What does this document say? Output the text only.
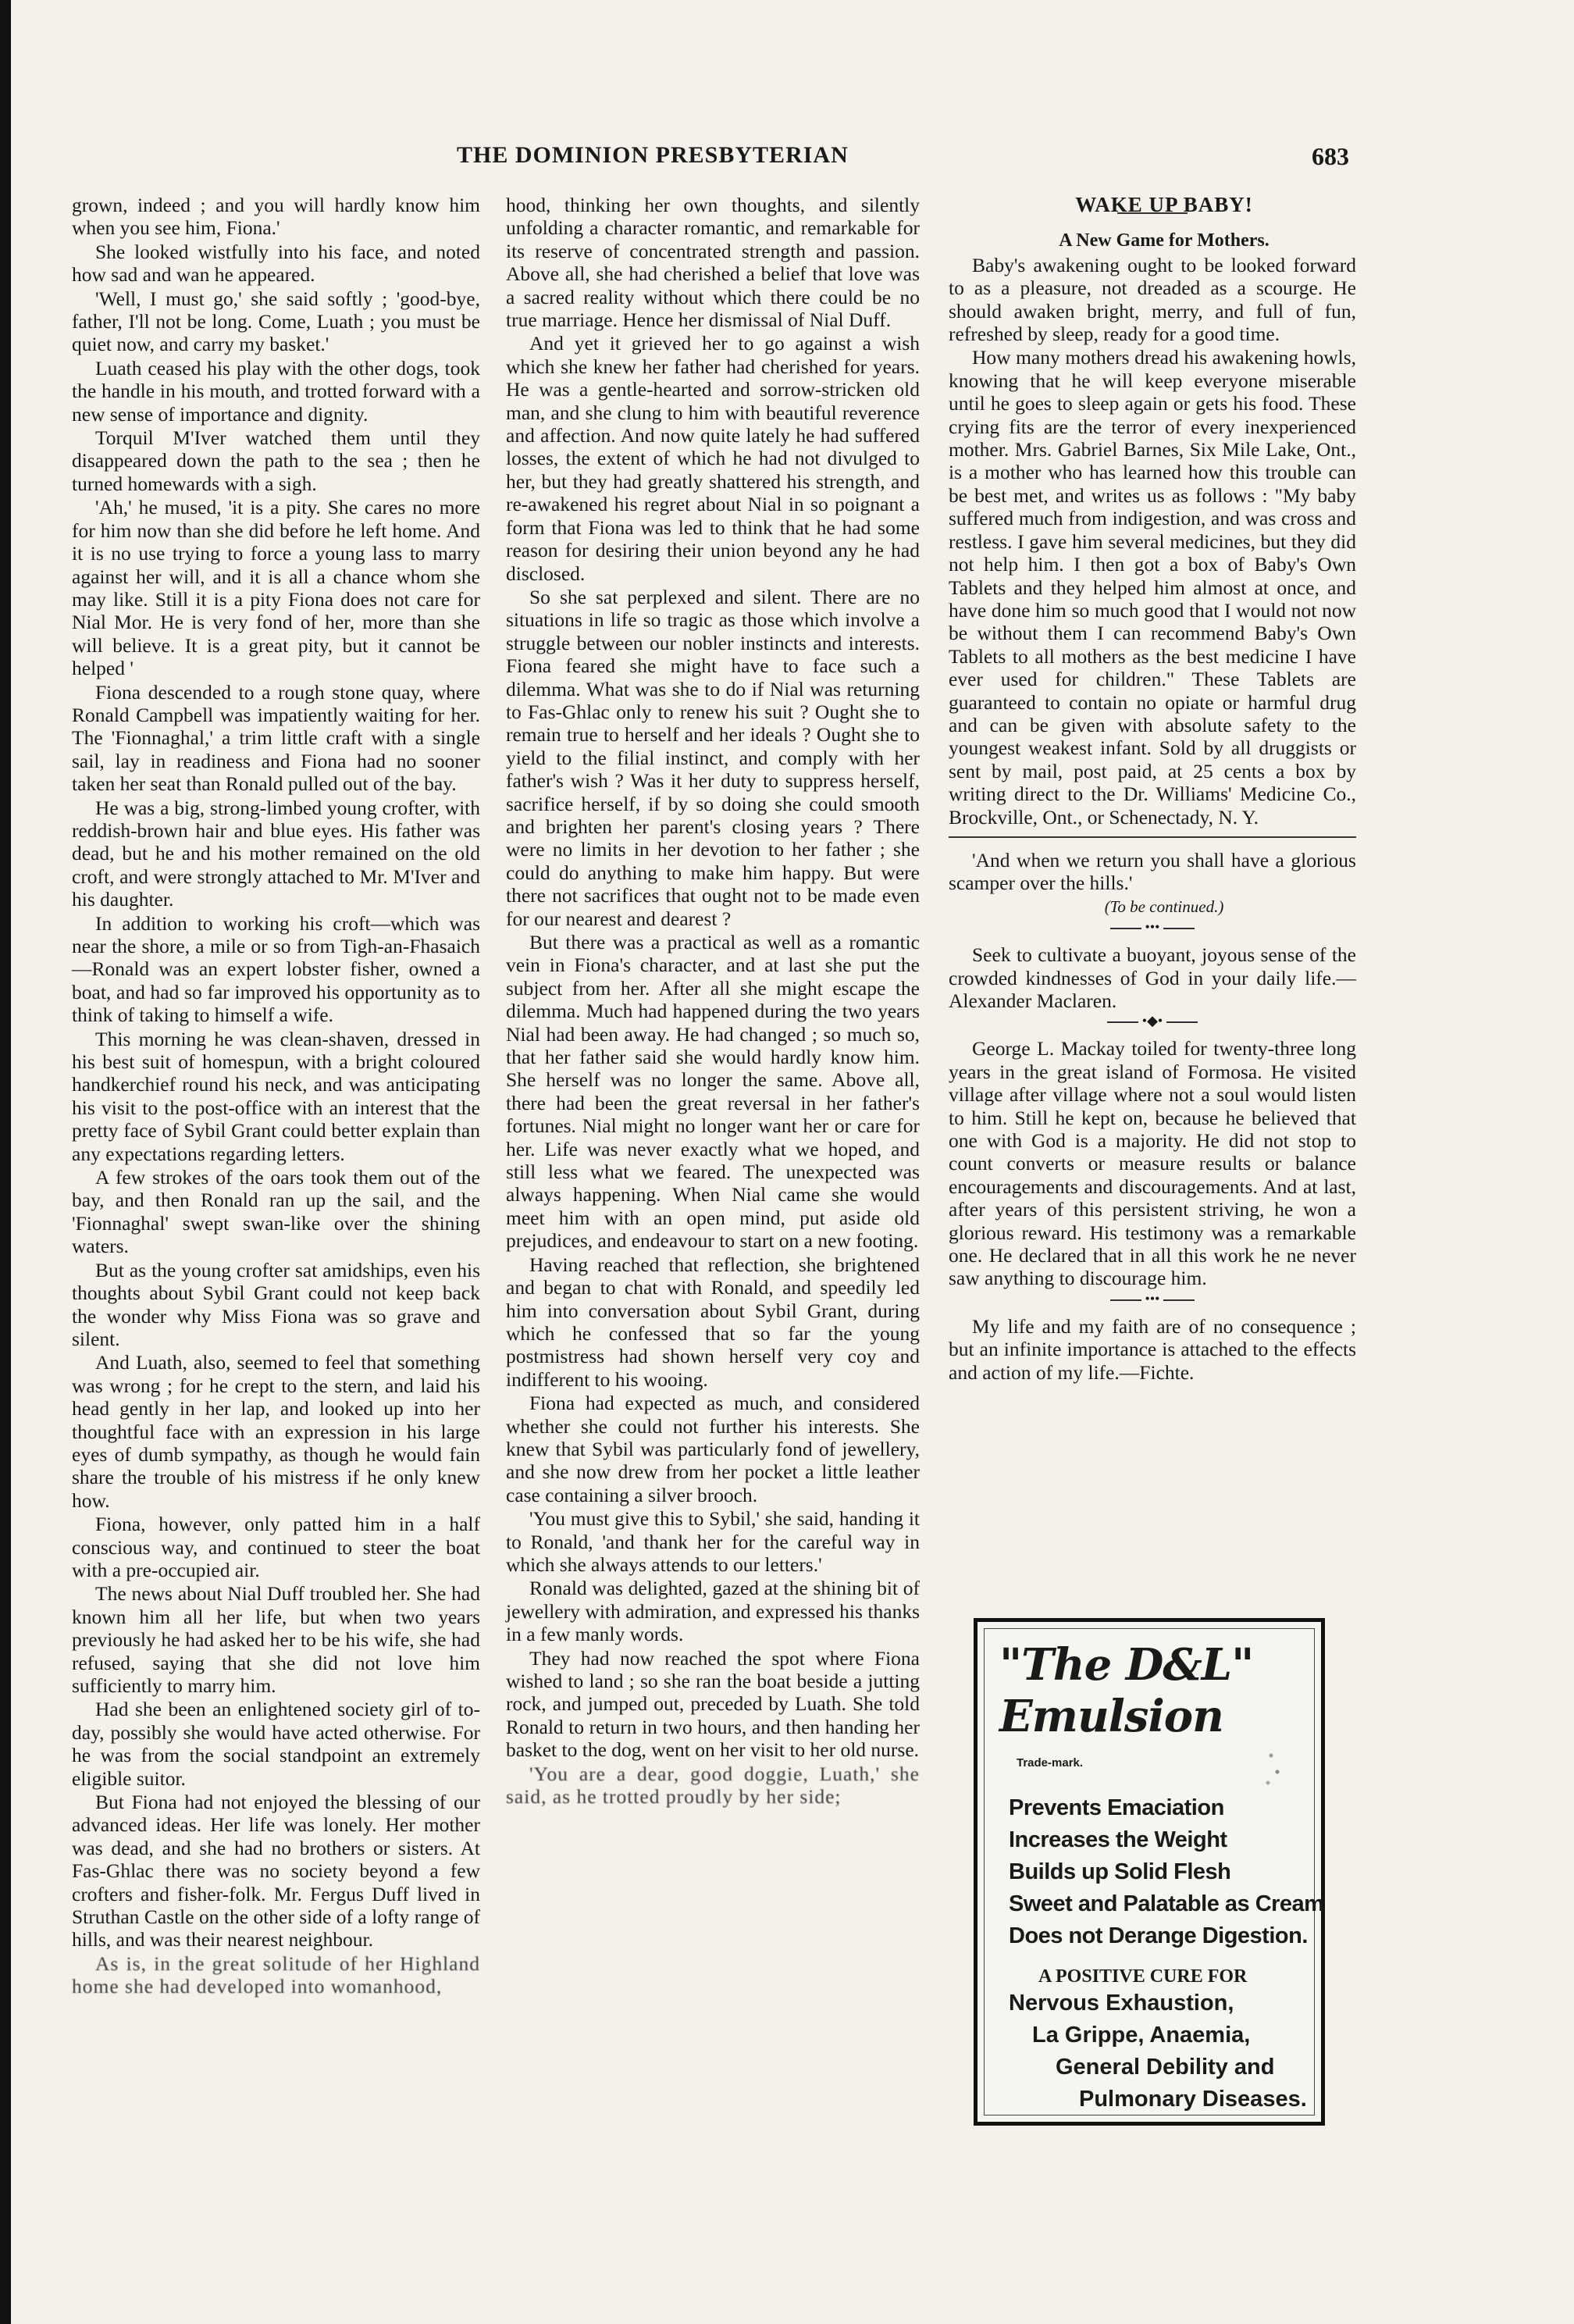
THE DOMINION PRESBYTERIAN	683

grown, indeed ; and you will hardly know him when you see him, Fiona.'

She looked wistfully into his face, and noted how sad and wan he appeared.

'Well, I must go,' she said softly ; 'good-bye, father, I'll not be long. Come, Luath ; you must be quiet now, and carry my basket.'

Luath ceased his play with the other dogs, took the handle in his mouth, and trotted forward with a new sense of importance and dignity.

Torquil M'Iver watched them until they disappeared down the path to the sea ; then he turned homewards with a sigh.

'Ah,' he mused, 'it is a pity. She cares no more for him now than she did before he left home. And it is no use trying to force a young lass to marry against her will, and it is all a chance whom she may like. Still it is a pity Fiona does not care for Nial Mor. He is very fond of her, more than she will believe. It is a great pity, but it cannot be helped '

Fiona descended to a rough stone quay, where Ronald Campbell was impatiently waiting for her. The 'Fionnaghal,' a trim little craft with a single sail, lay in readiness and Fiona had no sooner taken her seat than Ronald pulled out of the bay.

He was a big, strong-limbed young crofter, with reddish-brown hair and blue eyes. His father was dead, but he and his mother remained on the old croft, and were strongly attached to Mr. M'Iver and his daughter.

In addition to working his croft—which was near the shore, a mile or so from Tigh-an-Fhasaich—Ronald was an expert lobster fisher, owned a boat, and had so far improved his opportunity as to think of taking to himself a wife.

This morning he was clean-shaven, dressed in his best suit of homespun, with a bright coloured handkerchief round his neck, and was anticipating his visit to the post-office with an interest that the pretty face of Sybil Grant could better explain than any expectations regarding letters.

A few strokes of the oars took them out of the bay, and then Ronald ran up the sail, and the 'Fionnaghal' swept swan-like over the shining waters.

But as the young crofter sat amidships, even his thoughts about Sybil Grant could not keep back the wonder why Miss Fiona was so grave and silent.

And Luath, also, seemed to feel that something was wrong ; for he crept to the stern, and laid his head gently in her lap, and looked up into her thoughtful face with an expression in his large eyes of dumb sympathy, as though he would fain share the trouble of his mistress if he only knew how.

Fiona, however, only patted him in a half conscious way, and continued to steer the boat with a pre-occupied air.

The news about Nial Duff troubled her. She had known him all her life, but when two years previously he had asked her to be his wife, she had refused, saying that she did not love him sufficiently to marry him.

Had she been an enlightened society girl of to-day, possibly she would have acted otherwise. For he was from the social standpoint an extremely eligible suitor.

But Fiona had not enjoyed the blessing of our advanced ideas. Her life was lonely. Her mother was dead, and she had no brothers or sisters. At Fas-Ghlac there was no society beyond a few crofters and fisher-folk. Mr. Fergus Duff lived in Struthan Castle on the other side of a lofty range of hills, and was their nearest neighbour.

As is, in the great solitude of her Highland home she had developed into womanhood,

hood, thinking her own thoughts, and silently unfolding a character romantic, and remarkable for its reserve of concentrated strength and passion. Above all, she had cherished a belief that love was a sacred reality without which there could be no true marriage. Hence her dismissal of Nial Duff.

And yet it grieved her to go against a wish which she knew her father had cherished for years. He was a gentle-hearted and sorrow-stricken old man, and she clung to him with beautiful reverence and affection. And now quite lately he had suffered losses, the extent of which he had not divulged to her, but they had greatly shattered his strength, and re-awakened his regret about Nial in so poignant a form that Fiona was led to think that he had some reason for desiring their union beyond any he had disclosed.

So she sat perplexed and silent. There are no situations in life so tragic as those which involve a struggle between our nobler instincts and interests. Fiona feared she might have to face such a dilemma. What was she to do if Nial was returning to Fas-Ghlac only to renew his suit ? Ought she to remain true to herself and her ideals ? Ought she to yield to the filial instinct, and comply with her father's wish ? Was it her duty to suppress herself, sacrifice herself, if by so doing she could smooth and brighten her parent's closing years ? There were no limits in her devotion to her father ; she could do anything to make him happy. But were there not sacrifices that ought not to be made even for our nearest and dearest ?

But there was a practical as well as a romantic vein in Fiona's character, and at last she put the subject from her. After all she might escape the dilemma. Much had happened during the two years Nial had been away. He had changed ; so much so, that her father said she would hardly know him. She herself was no longer the same. Above all, there had been the great reversal in her father's fortunes. Nial might no longer want her or care for her. Life was never exactly what we hoped, and still less what we feared. The unexpected was always happening. When Nial came she would meet him with an open mind, put aside old prejudices, and endeavour to start on a new footing.

Having reached that reflection, she brightened and began to chat with Ronald, and speedily led him into conversation about Sybil Grant, during which he confessed that so far the young postmistress had shown herself very coy and indifferent to his wooing.

Fiona had expected as much, and considered whether she could not further his interests. She knew that Sybil was particularly fond of jewellery, and she now drew from her pocket a little leather case containing a silver brooch.

'You must give this to Sybil,' she said, handing it to Ronald, 'and thank her for the careful way in which she always attends to our letters.'

Ronald was delighted, gazed at the shining bit of jewellery with admiration, and expressed his thanks in a few manly words.

They had now reached the spot where Fiona wished to land ; so she ran the boat beside a jutting rock, and jumped out, preceded by Luath. She told Ronald to return in two hours, and then handing her basket to the dog, went on her visit to her old nurse.

'You are a dear, good doggie, Luath,' she said, as he trotted proudly by her side;

WAKE UP BABY!

A New Game for Mothers.

Baby's awakening ought to be looked forward to as a pleasure, not dreaded as a scourge. He should awaken bright, merry, and full of fun, refreshed by sleep, ready for a good time.

How many mothers dread his awakening howls, knowing that he will keep everyone miserable until he goes to sleep again or gets his food. These crying fits are the terror of every inexperienced mother. Mrs. Gabriel Barnes, Six Mile Lake, Ont., is a mother who has learned how this trouble can be best met, and writes us as follows : "My baby suffered much from indigestion, and was cross and restless. I gave him several medicines, but they did not help him. I then got a box of Baby's Own Tablets and they helped him almost at once, and have done him so much good that I would not now be without them I can recommend Baby's Own Tablets to all mothers as the best medicine I have ever used for children." These Tablets are guaranteed to contain no opiate or harmful drug and can be given with absolute safety to the youngest weakest infant. Sold by all druggists or sent by mail, post paid, at 25 cents a box by writing direct to the Dr. Williams' Medicine Co., Brockville, Ont., or Schenectady, N. Y.

'And when we return you shall have a glorious scamper over the hills.'

(To be continued.)

•••

Seek to cultivate a buoyant, joyous sense of the crowded kindnesses of God in your daily life.—Alexander Maclaren.

•◆•

George L. Mackay toiled for twenty-three long years in the great island of Formosa. He visited village after village where not a soul would listen to him. Still he kept on, because he believed that one with God is a majority. He did not stop to count converts or measure results or balance encouragements and discouragements. And at last, after years of this persistent striving, he won a glorious reward. His testimony was a remarkable one. He declared that in all this work he ne never saw anything to discourage him.

•••

My life and my faith are of no consequence ; but an infinite importance is attached to the effects and action of my life.—Fichte.

"The D&L" Emulsion
Trade-mark.
Prevents Emaciation
Increases the Weight
Builds up Solid Flesh
Sweet and Palatable as Cream
Does not Derange Digestion.
A POSITIVE CURE FOR
Nervous Exhaustion,
La Grippe, Anaemia,
General Debility and
Pulmonary Diseases.
